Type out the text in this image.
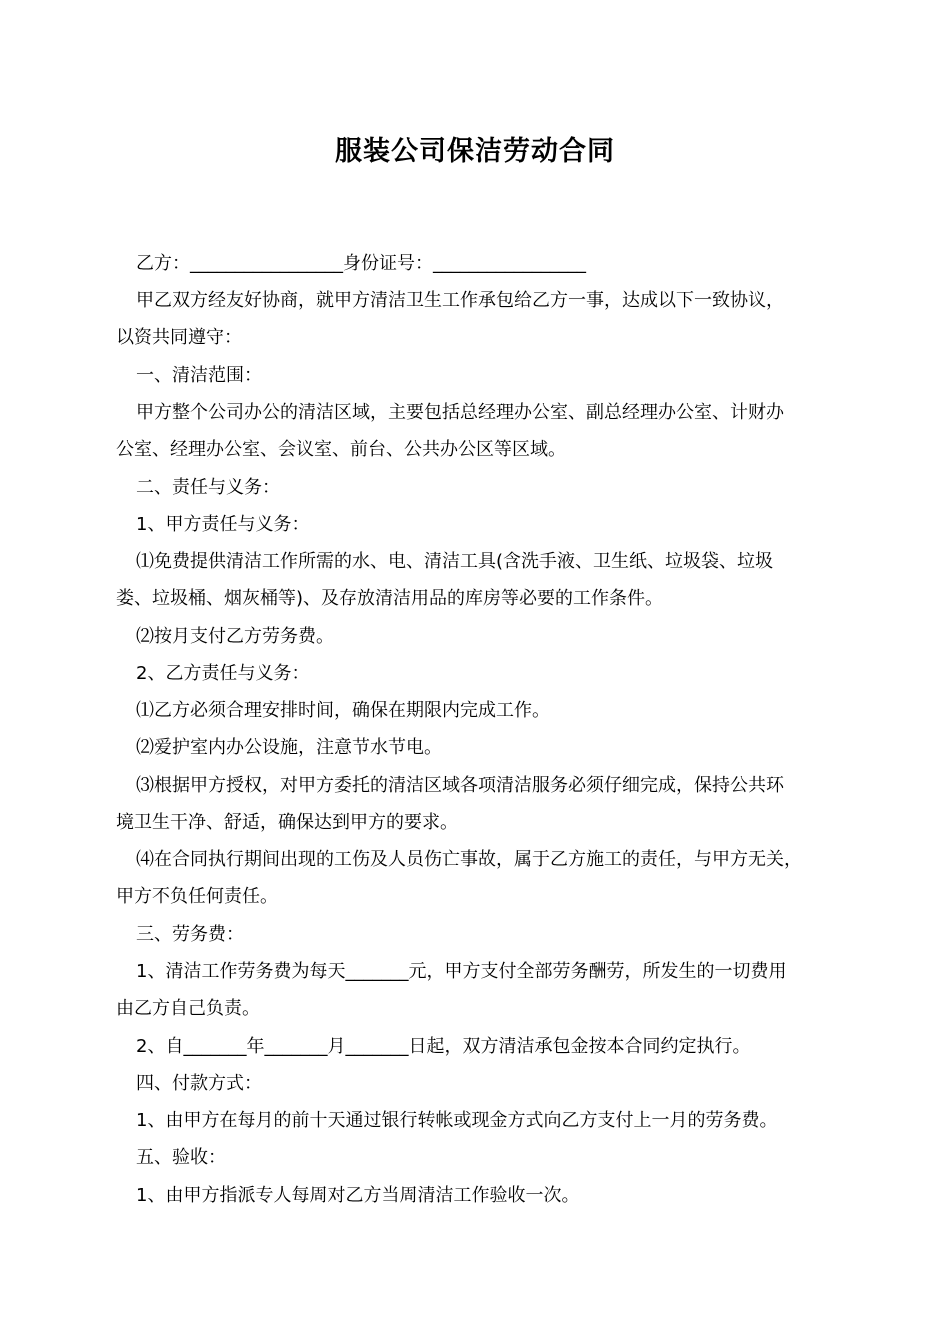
服装公司保洁劳动合同
乙方：_________________身份证号：_________________
甲乙双方经友好协商，就甲方清洁卫生工作承包给乙方一事，达成以下一致协议，
以资共同遵守：
一、清洁范围：
甲方整个公司办公的清洁区域，主要包括总经理办公室、副总经理办公室、计财办
公室、经理办公室、会议室、前台、公共办公区等区域。
二、责任与义务：
1、甲方责任与义务：
⑴免费提供清洁工作所需的水、电、清洁工具(含洗手液、卫生纸、垃圾袋、垃圾
娄、垃圾桶、烟灰桶等)、及存放清洁用品的库房等必要的工作条件。
⑵按月支付乙方劳务费。
2、乙方责任与义务：
⑴乙方必须合理安排时间，确保在期限内完成工作。
⑵爱护室内办公设施，注意节水节电。
⑶根据甲方授权，对甲方委托的清洁区域各项清洁服务必须仔细完成，保持公共环
境卫生干净、舒适，确保达到甲方的要求。
⑷在合同执行期间出现的工伤及人员伤亡事故，属于乙方施工的责任，与甲方无关，
甲方不负任何责任。
三、劳务费：
1、清洁工作劳务费为每天_______元，甲方支付全部劳务酬劳，所发生的一切费用
由乙方自己负责。
2、自_______年_______月_______日起，双方清洁承包金按本合同约定执行。
四、付款方式：
1、由甲方在每月的前十天通过银行转帐或现金方式向乙方支付上一月的劳务费。
五、验收：
1、由甲方指派专人每周对乙方当周清洁工作验收一次。
